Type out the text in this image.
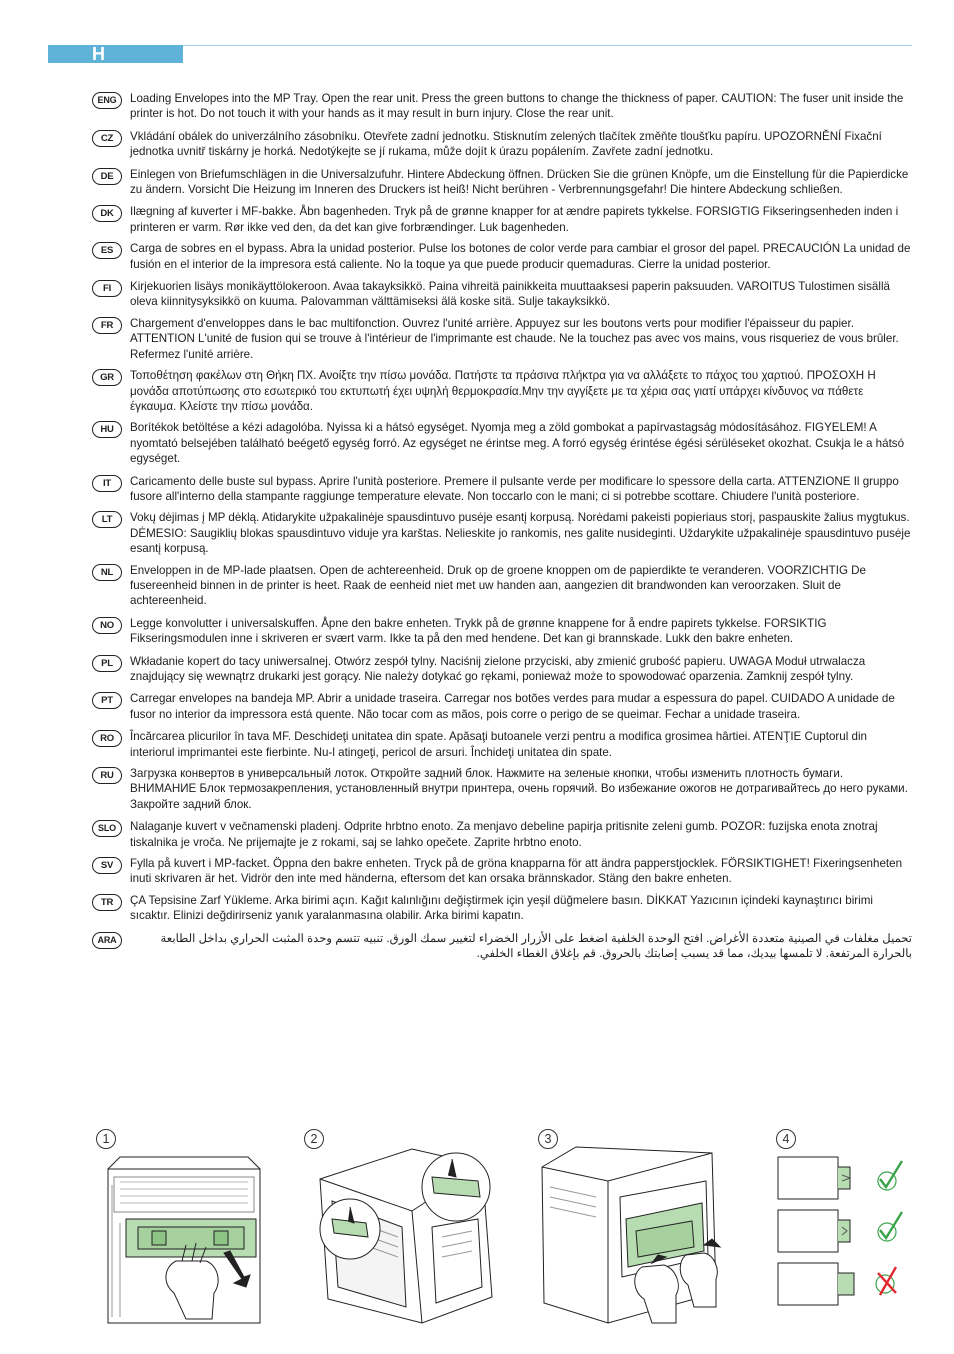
H
ENG	Loading Envelopes into the MP Tray. Open the rear unit. Press the green buttons to change the thickness of paper. CAUTION: The fuser unit inside the printer is hot. Do not touch it with your hands as it may result in burn injury. Close the rear unit.
CZ	Vkládání obálek do univerzálního zásobníku. Otevřete zadní jednotku. Stisknutím zelených tlačítek změňte tloušťku papíru. UPOZORNĚNÍ Fixační jednotka uvnitř tiskárny je horká. Nedotýkejte se jí rukama, může dojít k úrazu popálením. Zavřete zadní jednotku.
DE	Einlegen von Briefumschlägen in die Universalzufuhr. Hintere Abdeckung öffnen. Drücken Sie die grünen Knöpfe, um die Einstellung für die Papierdicke zu ändern. Vorsicht Die Heizung im Inneren des Druckers ist heiß! Nicht berühren - Verbrennungsgefahr! Die hintere Abdeckung schließen.
DK	Ilægning af kuverter i MF-bakke. Åbn bagenheden. Tryk på de grønne knapper for at ændre papirets tykkelse. FORSIGTIG Fikseringsenheden inden i printeren er varm. Rør ikke ved den, da det kan give forbrændinger. Luk bagenheden.
ES	Carga de sobres en el bypass. Abra la unidad posterior. Pulse los botones de color verde para cambiar el grosor del papel. PRECAUCIÓN La unidad de fusión en el interior de la impresora está caliente. No la toque ya que puede producir quemaduras. Cierre la unidad posterior.
FI	Kirjekuorien lisäys monikäyttölokeroon. Avaa takayksikkö. Paina vihreitä painikkeita muuttaaksesi paperin paksuuden. VAROITUS Tulostimen sisällä oleva kiinnitysyksikkö on kuuma. Palovamman välttämiseksi älä koske sitä. Sulje takayksikkö.
FR	Chargement d'enveloppes dans le bac multifonction. Ouvrez l'unité arrière. Appuyez sur les boutons verts pour modifier l'épaisseur du papier. ATTENTION L'unité de fusion qui se trouve à l'intérieur de l'imprimante est chaude. Ne la touchez pas avec vos mains, vous risqueriez de vous brûler. Refermez l'unité arrière.
GR	Τοποθέτηση φακέλων στη Θήκη ΠΧ. Ανοίξτε την πίσω μονάδα. Πατήστε τα πράσινα πλήκτρα για να αλλάξετε το πάχος του χαρτιού. ΠΡΟΣΟΧΗ Η μονάδα αποτύπωσης στο εσωτερικό του εκτυπωτή έχει υψηλή θερμοκρασία.Μην την αγγίξετε με τα χέρια σας γιατί υπάρχει κίνδυνος να πάθετε έγκαυμα. Κλείστε την πίσω μονάδα.
HU	Borítékok betöltése a kézi adagolóba. Nyissa ki a hátsó egységet. Nyomja meg a zöld gombokat a papírvastagság módosításához. FIGYELEM! A nyomtató belsejében található beégető egység forró. Az egységet ne érintse meg. A forró egység érintése égési sérüléseket okozhat. Csukja le a hátsó egységet.
IT	Caricamento delle buste sul bypass. Aprire l'unità posteriore. Premere il pulsante verde per modificare lo spessore della carta. ATTENZIONE Il gruppo fusore all'interno della stampante raggiunge temperature elevate. Non toccarlo con le mani; ci si potrebbe scottare. Chiudere l'unità posteriore.
LT	Vokų dėjimas į MP dėklą. Atidarykite užpakalinėje spausdintuvo pusėje esantį korpusą. Norėdami pakeisti popieriaus storį, paspauskite žalius mygtukus. DĖMESIO: Saugiklių blokas spausdintuvo viduje yra karštas. Nelieskite jo rankomis, nes galite nusideginti. Uždarykite užpakalinėje spausdintuvo pusėje esantį korpusą.
NL	Enveloppen in de MP-lade plaatsen. Open de achtereenheid. Druk op de groene knoppen om de papierdikte te veranderen. VOORZICHTIG De fusereenheid binnen in de printer is heet. Raak de eenheid niet met uw handen aan, aangezien dit brandwonden kan veroorzaken. Sluit de achtereenheid.
NO	Legge konvolutter i universalskuffen. Åpne den bakre enheten. Trykk på de grønne knappene for å endre papirets tykkelse. FORSIKTIG Fikseringsmodulen inne i skriveren er svært varm. Ikke ta på den med hendene. Det kan gi brannskade. Lukk den bakre enheten.
PL	Wkładanie kopert do tacy uniwersalnej. Otwórz zespół tylny. Naciśnij zielone przyciski, aby zmienić grubość papieru. UWAGA Moduł utrwalacza znajdujący się wewnątrz drukarki jest gorący. Nie należy dotykać go rękami, ponieważ może to spowodować oparzenia. Zamknij zespół tylny.
PT	Carregar envelopes na bandeja MP. Abrir a unidade traseira. Carregar nos botões verdes para mudar a espessura do papel. CUIDADO A unidade de fusor no interior da impressora está quente. Não tocar com as mãos, pois corre o perigo de se queimar. Fechar a unidade traseira.
RO	Încărcarea plicurilor în tava MF. Deschideţi unitatea din spate. Apăsaţi butoanele verzi pentru a modifica grosimea hârtiei. ATENŢIE Cuptorul din interiorul imprimantei este fierbinte. Nu-l atingeţi, pericol de arsuri. Închideţi unitatea din spate.
RU	Загрузка конвертов в универсальный лоток. Откройте задний блок. Нажмите на зеленые кнопки, чтобы изменить плотность бумаги. ВНИМАНИЕ Блок термозакрепления, установленный внутри принтера, очень горячий. Во избежание ожогов не дотрагивайтесь до него руками. Закройте задний блок.
SLO	Nalaganje kuvert v večnamenski pladenj. Odprite hrbtno enoto. Za menjavo debeline papirja pritisnite zeleni gumb. POZOR: fuzijska enota znotraj tiskalnika je vroča. Ne prijemajte je z rokami, saj se lahko opečete. Zaprite hrbtno enoto.
SV	Fylla på kuvert i MP-facket. Öppna den bakre enheten. Tryck på de gröna knapparna för att ändra papperstjocklek. FÖRSIKTIGHET! Fixeringsenheten inuti skrivaren är het. Vidrör den inte med händerna, eftersom det kan orsaka brännskador. Stäng den bakre enheten.
TR	ÇA Tepsisine Zarf Yükleme. Arka birimi açın. Kağıt kalınlığını değiştirmek için yeşil düğmelere basın. DİKKAT Yazıcının içindeki kaynaştırıcı birimi sıcaktır. Elinizi değdirirseniz yanık yaralanmasına olabilir. Arka birimi kapatın.
ARA	تحميل مغلفات في الصينية متعددة الأغراض. افتح الوحدة الخلفية اضغط على الأزرار الخضراء لتغيير سمك الورق. تنبيه تتسم وحدة المثبت الحراري بداخل الطابعة بالحرارة المرتفعة. لا تلمسها بيديك، مما قد يسبب إصابتك بالحروق. قم بإغلاق الغطاء الخلفي.
1	2	3	4
